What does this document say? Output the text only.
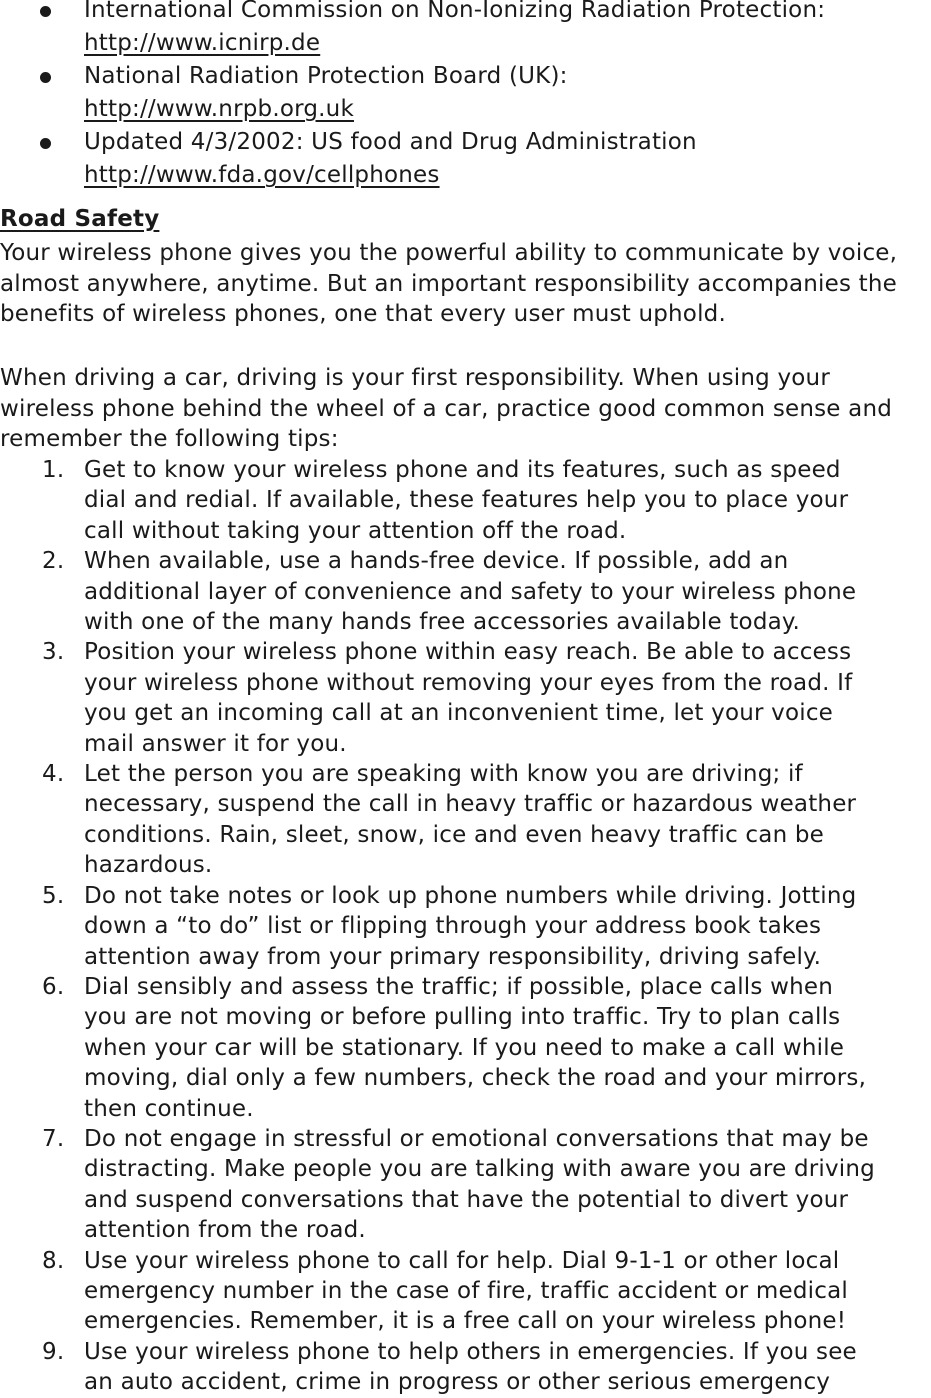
International Commission on Non-Ionizing Radiation Protection:
http://www.icnirp.de
National Radiation Protection Board (UK):
http://www.nrpb.org.uk
Updated 4/3/2002: US food and Drug Administration
http://www.fda.gov/cellphones
Road Safety

Your wireless phone gives you the powerful ability to communicate by voice, almost anywhere, anytime. But an important responsibility accompanies the benefits of wireless phones, one that every user must uphold.

When driving a car, driving is your first responsibility. When using your wireless phone behind the wheel of a car, practice good common sense and remember the following tips:

1. Get to know your wireless phone and its features, such as speed
dial and redial. If available, these features help you to place your
call without taking your attention off the road.
2. When available, use a hands-free device. If possible, add an
additional layer of convenience and safety to your wireless phone
with one of the many hands free accessories available today.
3. Position your wireless phone within easy reach. Be able to access
your wireless phone without removing your eyes from the road. If
you get an incoming call at an inconvenient time, let your voice
mail answer it for you.
4. Let the person you are speaking with know you are driving; if
necessary, suspend the call in heavy traffic or hazardous weather
conditions. Rain, sleet, snow, ice and even heavy traffic can be
hazardous.
5. Do not take notes or look up phone numbers while driving. Jotting
down a “to do” list or flipping through your address book takes
attention away from your primary responsibility, driving safely.
6. Dial sensibly and assess the traffic; if possible, place calls when
you are not moving or before pulling into traffic. Try to plan calls
when your car will be stationary. If you need to make a call while
moving, dial only a few numbers, check the road and your mirrors,
then continue.
7. Do not engage in stressful or emotional conversations that may be
distracting. Make people you are talking with aware you are driving
and suspend conversations that have the potential to divert your
attention from the road.
8. Use your wireless phone to call for help. Dial 9-1-1 or other local
emergency number in the case of fire, traffic accident or medical
emergencies. Remember, it is a free call on your wireless phone!
9. Use your wireless phone to help others in emergencies. If you see
an auto accident, crime in progress or other serious emergency
